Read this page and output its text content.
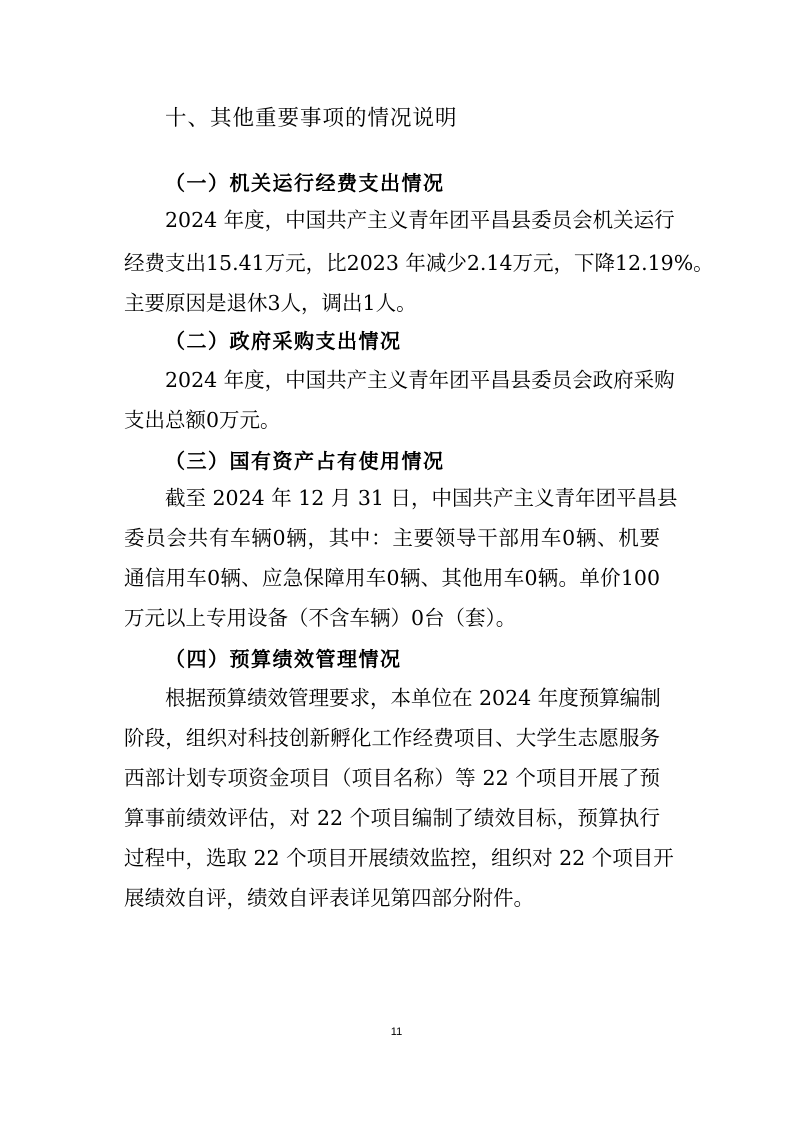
十、其他重要事项的情况说明

（一）机关运行经费支出情况

2024 年度，中国共产主义青年团平昌县委员会机关运行

经费支出15.41万元，比2023 年减少2.14万元，下降12.19%。

主要原因是退休3人，调出1人。

（二）政府采购支出情况

2024 年度，中国共产主义青年团平昌县委员会政府采购

支出总额0万元。

（三）国有资产占有使用情况

截至 2024 年 12 月 31 日，中国共产主义青年团平昌县

委员会共有车辆0辆，其中：主要领导干部用车0辆、机要

通信用车0辆、应急保障用车0辆、其他用车0辆。单价100

万元以上专用设备（不含车辆）0台（套）。

（四）预算绩效管理情况

根据预算绩效管理要求，本单位在 2024 年度预算编制

阶段，组织对科技创新孵化工作经费项目、大学生志愿服务

西部计划专项资金项目（项目名称）等 22 个项目开展了预

算事前绩效评估，对 22 个项目编制了绩效目标，预算执行

过程中，选取 22 个项目开展绩效监控，组织对 22 个项目开

展绩效自评，绩效自评表详见第四部分附件。

11
